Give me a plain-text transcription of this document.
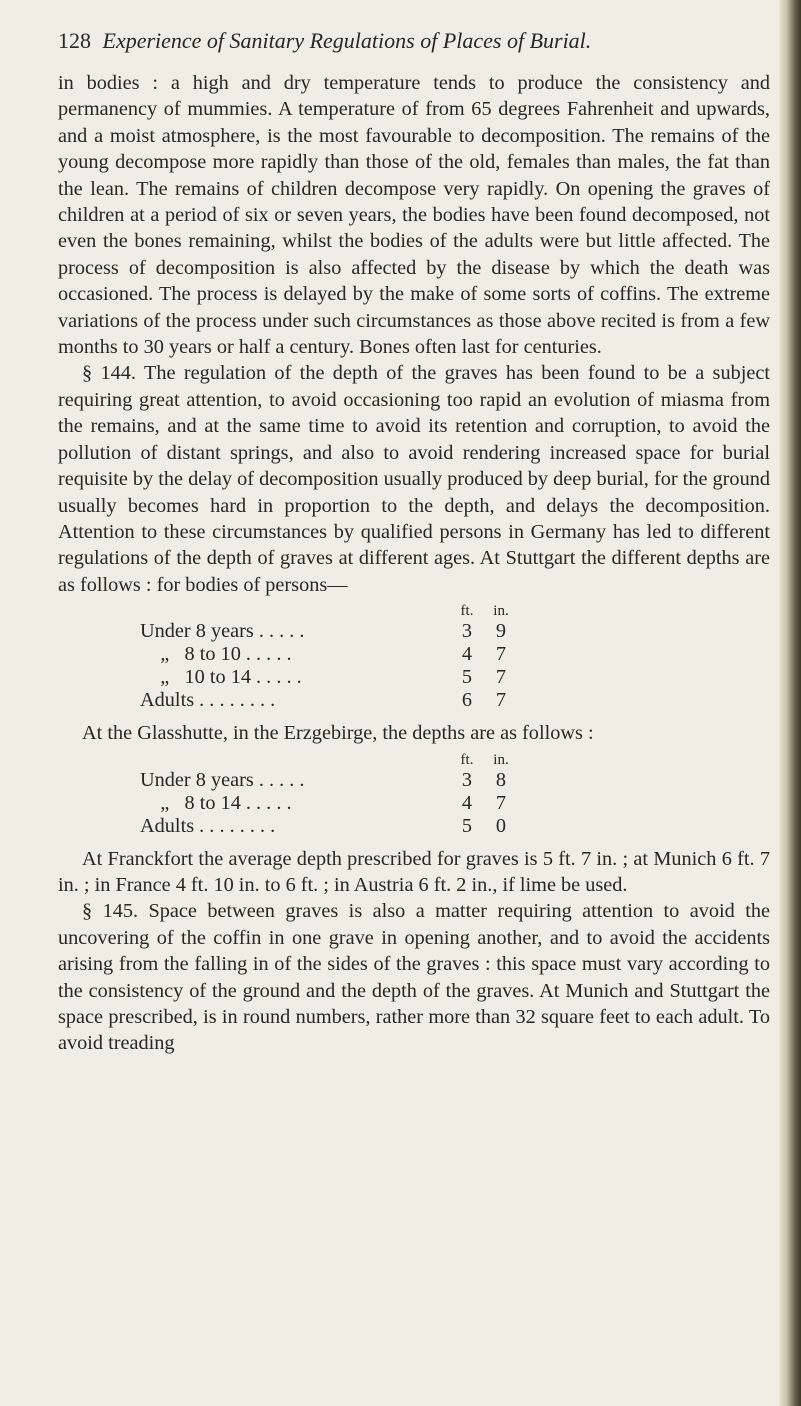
128 Experience of Sanitary Regulations of Places of Burial.

in bodies : a high and dry temperature tends to produce the consistency and permanency of mummies. A temperature of from 65 degrees Fahrenheit and upwards, and a moist atmosphere, is the most favourable to decomposition. The remains of the young decompose more rapidly than those of the old, females than males, the fat than the lean. The remains of children decompose very rapidly. On opening the graves of children at a period of six or seven years, the bodies have been found decomposed, not even the bones remaining, whilst the bodies of the adults were but little affected. The process of decomposition is also affected by the disease by which the death was occasioned. The process is delayed by the make of some sorts of coffins. The extreme variations of the process under such circumstances as those above recited is from a few months to 30 years or half a century. Bones often last for centuries.

§ 144. The regulation of the depth of the graves has been found to be a subject requiring great attention, to avoid occasioning too rapid an evolution of miasma from the remains, and at the same time to avoid its retention and corruption, to avoid the pollution of distant springs, and also to avoid rendering increased space for burial requisite by the delay of decomposition usually produced by deep burial, for the ground usually becomes hard in proportion to the depth, and delays the decomposition. Attention to these circumstances by qualified persons in Germany has led to different regulations of the depth of graves at different ages. At Stuttgart the different depths are as follows : for bodies of persons—

ft.	in.
Under 8 years . . . . .	3	9
„   8 to 10 . . . . .	4	7
„   10 to 14 . . . . .	5	7
Adults . . . . . . . .	6	7

At the Glasshutte, in the Erzgebirge, the depths are as follows :

ft.	in.
Under 8 years . . . . .	3	8
„   8 to 14 . . . . .	4	7
Adults . . . . . . . .	5	0

At Franckfort the average depth prescribed for graves is 5 ft. 7 in. ; at Munich 6 ft. 7 in. ; in France 4 ft. 10 in. to 6 ft. ; in Austria 6 ft. 2 in., if lime be used.

§ 145. Space between graves is also a matter requiring attention to avoid the uncovering of the coffin in one grave in opening another, and to avoid the accidents arising from the falling in of the sides of the graves : this space must vary according to the consistency of the ground and the depth of the graves. At Munich and Stuttgart the space prescribed, is in round numbers, rather more than 32 square feet to each adult. To avoid treading
